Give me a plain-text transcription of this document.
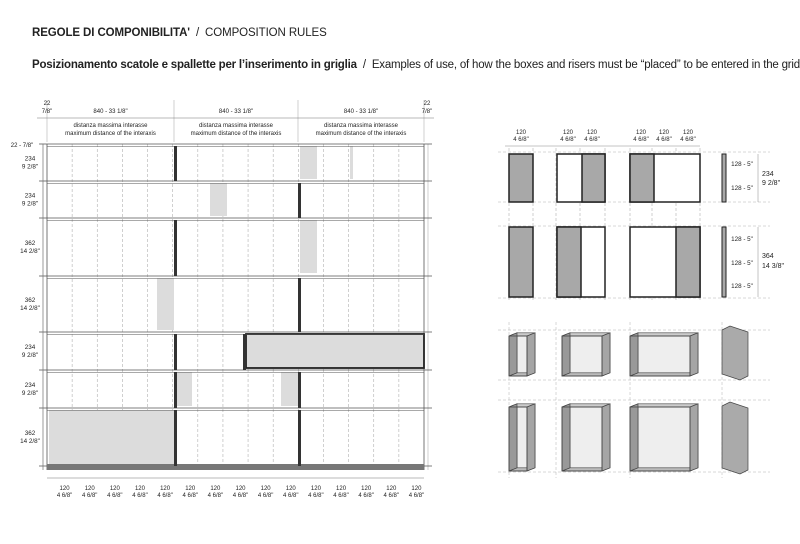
REGOLE DI COMPONIBILITA' / COMPOSITION RULES
Posizionamento scatole e spallette per l’inserimento in griglia / Examples of use, of how the boxes and risers must be “placed” to be entered in the grid
840 - 33 1/8"
distanza massima interasse
maximum distance of the interaxis
840 - 33 1/8"
distanza massima interasse
maximum distance of the interaxis
840 - 33 1/8"
distanza massima interasse
maximum distance of the interaxis
22
7/8"
22
7/8"
22 - 7/8"
234
9 2/8"
234
9 2/8"
362
14 2/8"
362
14 2/8"
234
9 2/8"
234
9 2/8"
362
14 2/8"
120
4 6/8"
120
4 6/8"
120
4 6/8"
120
4 6/8"
120
4 6/8"
120
4 6/8"
120
4 6/8"
120
4 6/8"
120
4 6/8"
120
4 6/8"
120
4 6/8"
120
4 6/8"
120
4 6/8"
120
4 6/8"
120
4 6/8"
120
4 6/8"
120
4 6/8"
120
4 6/8"
120
4 6/8"
120
4 6/8"
120
4 6/8"
128 - 5"
128 - 5"
128 - 5"
128 - 5"
128 - 5"
234
9 2/8"
364
14 3/8"
